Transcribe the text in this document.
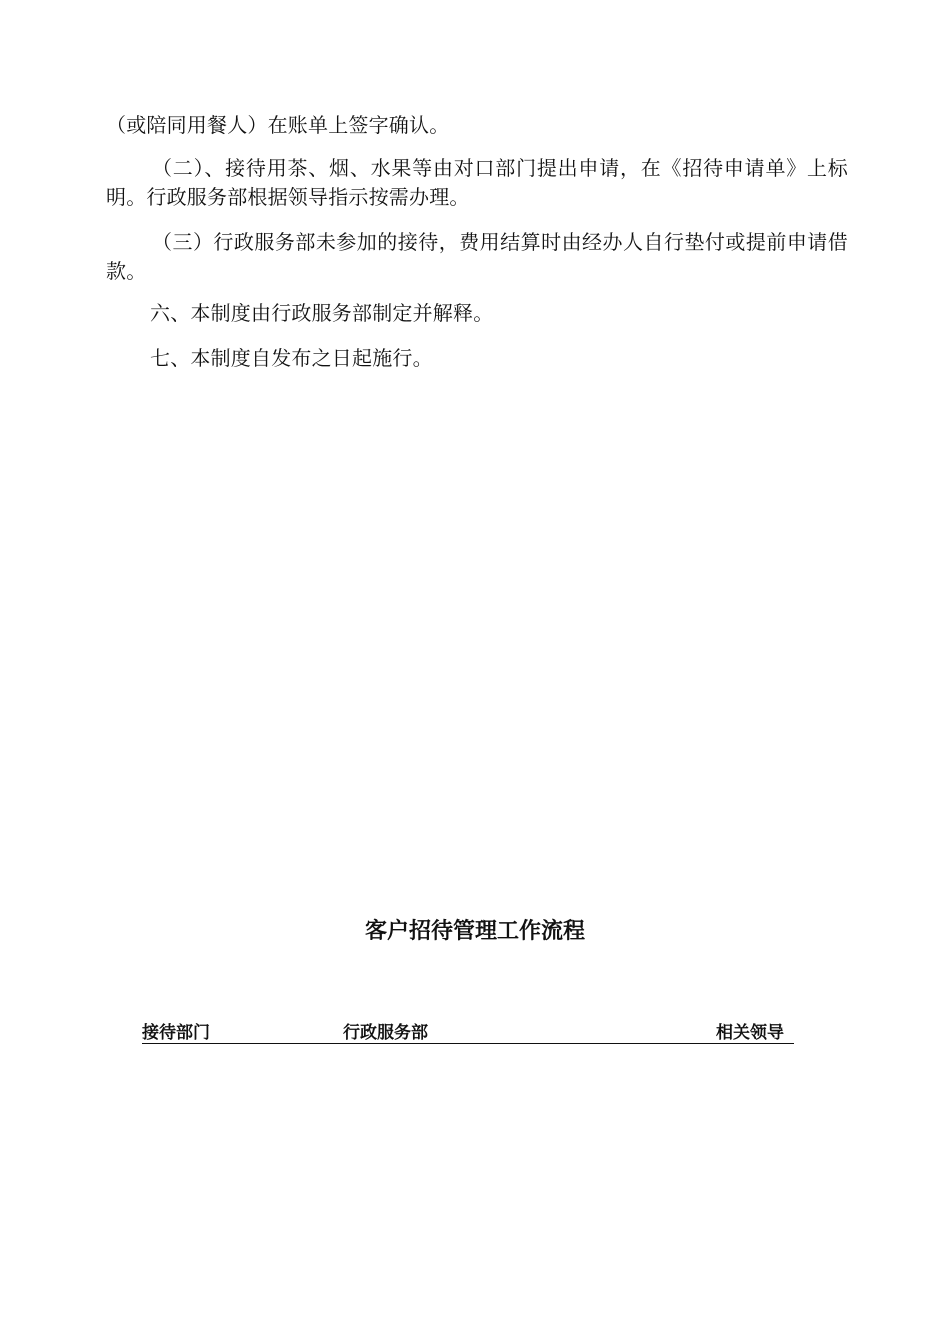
（或陪同用餐人）在账单上签字确认。

（二）、接待用茶、烟、水果等由对口部门提出申请，在《招待申请单》上标明。行政服务部根据领导指示按需办理。

（三）行政服务部未参加的接待，费用结算时由经办人自行垫付或提前申请借款。

六、本制度由行政服务部制定并解释。

七、本制度自发布之日起施行。

客户招待管理工作流程
接待部门	行政服务部	相关领导
